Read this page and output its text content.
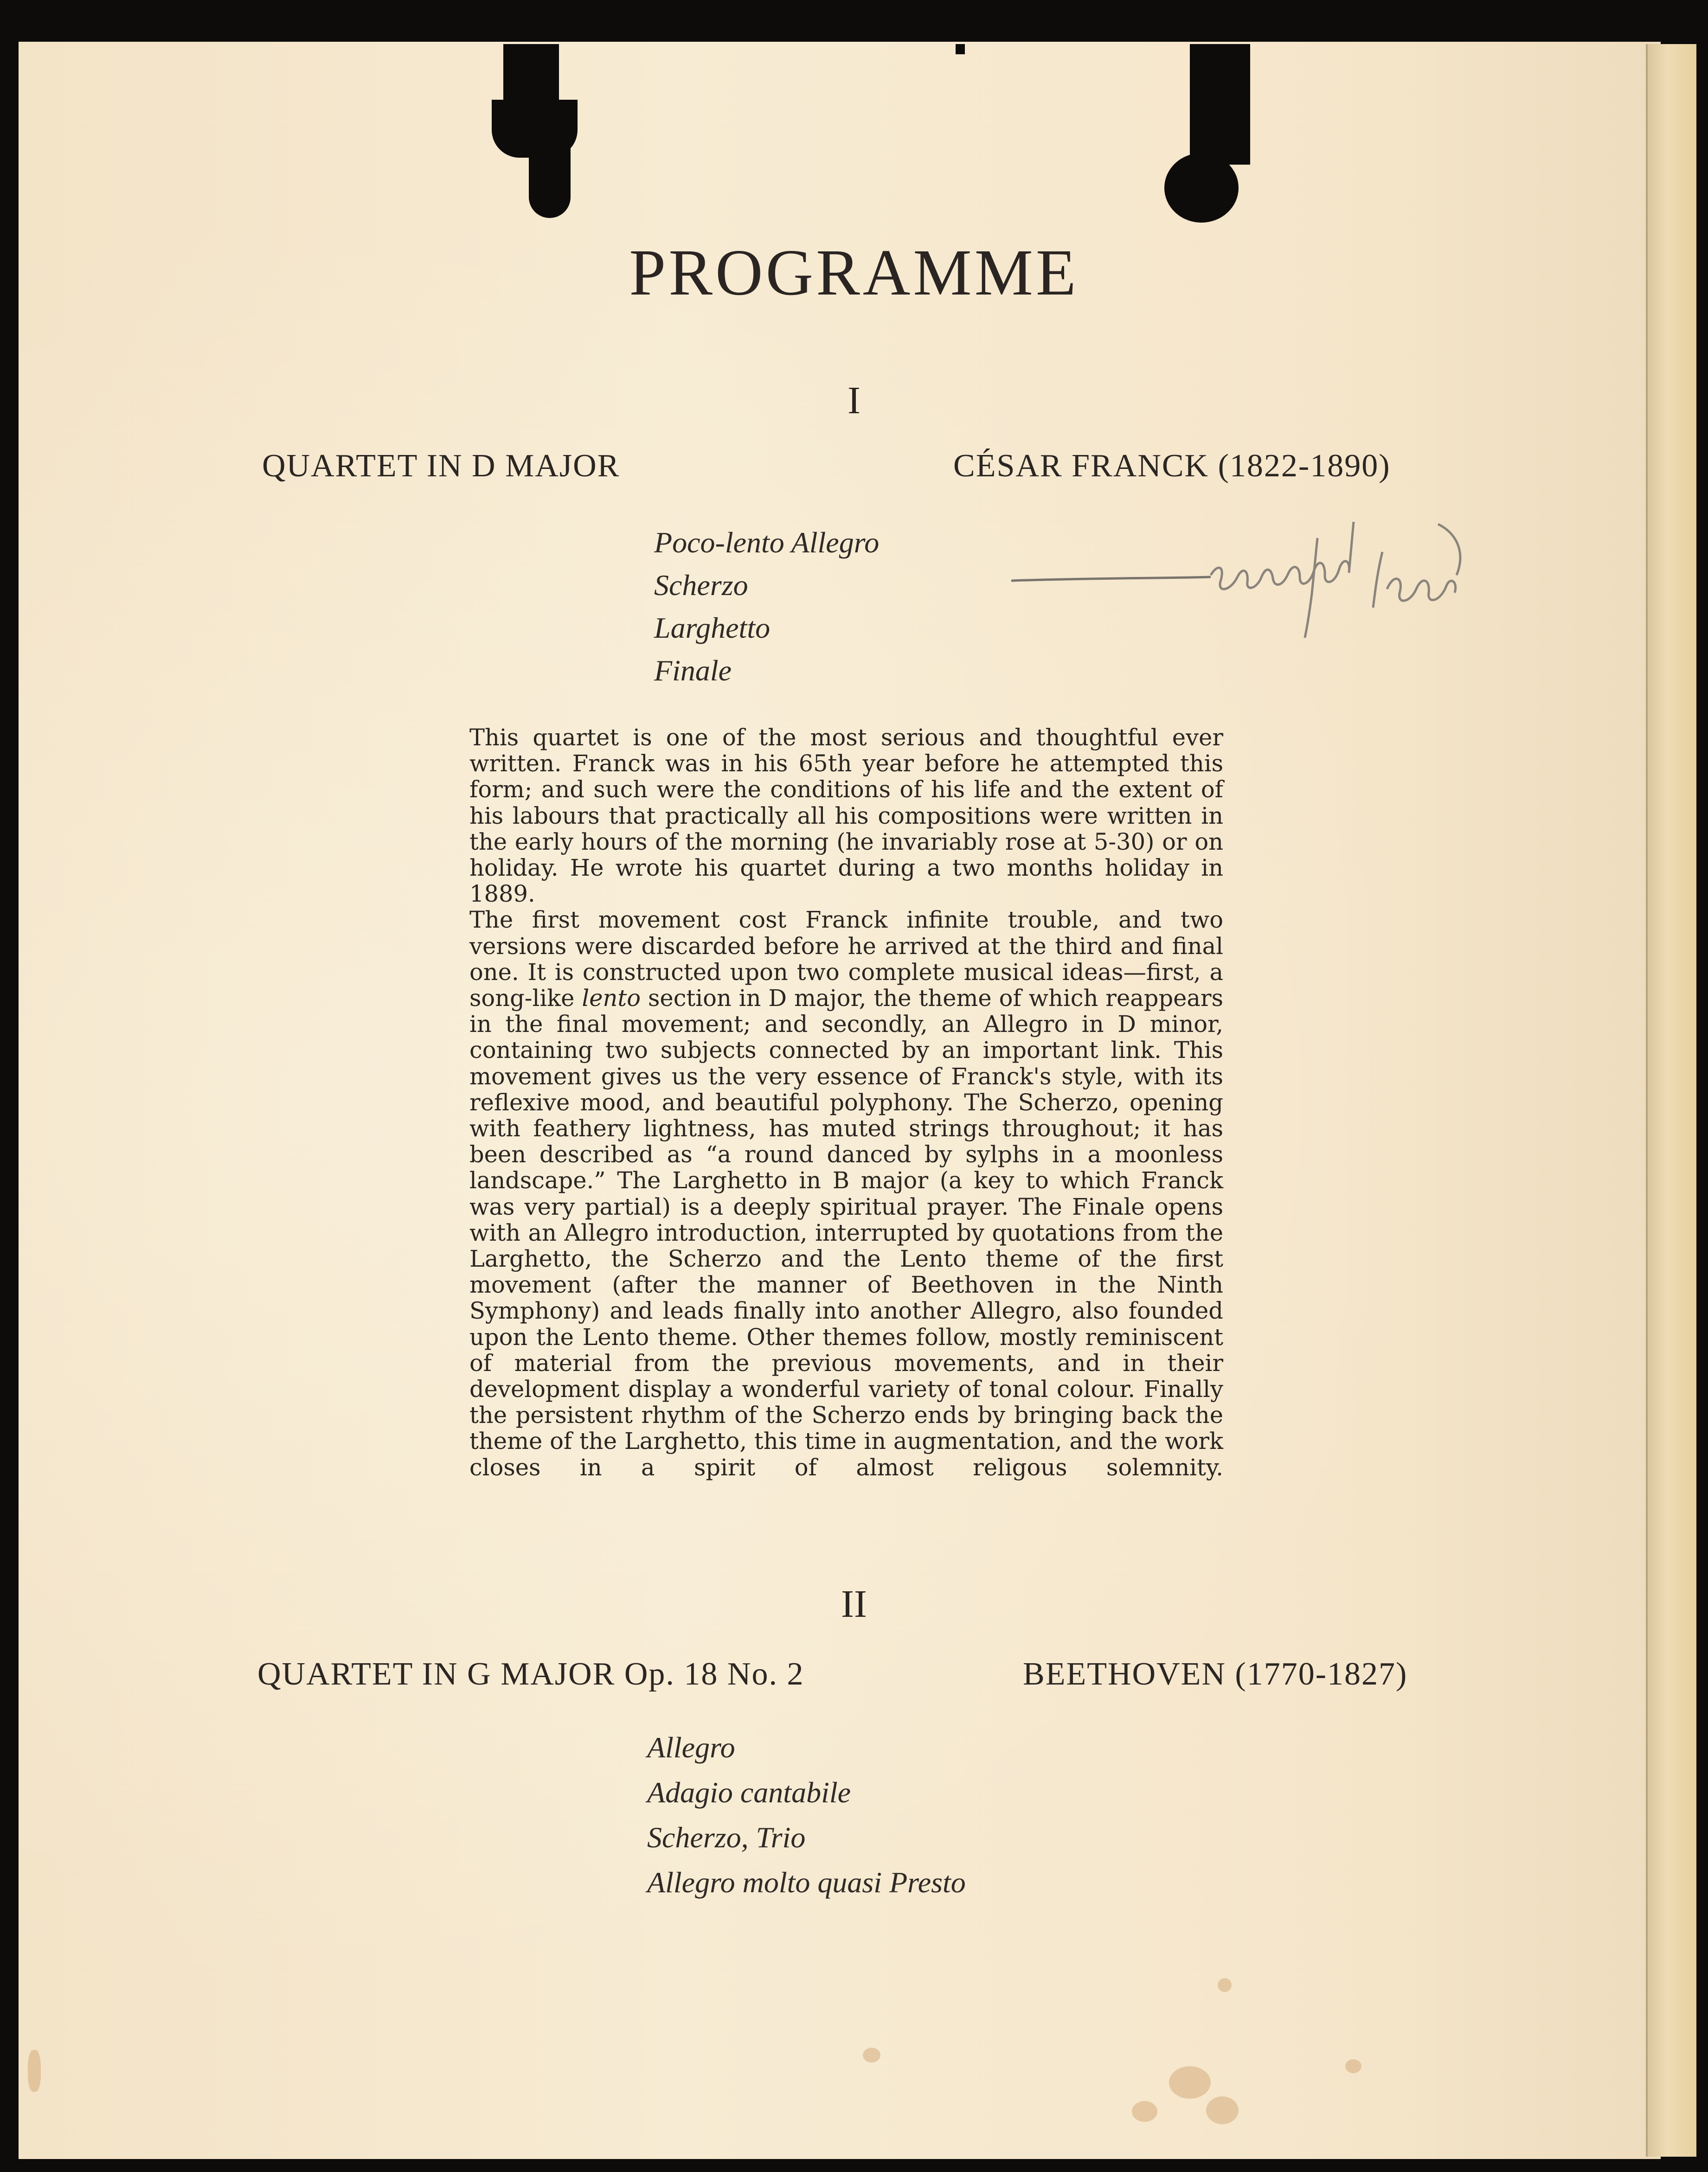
PROGRAMME
I
QUARTET IN D MAJOR	CÉSAR FRANCK (1822-1890)
Poco-lento Allegro
Scherzo
Larghetto
Finale

This quartet is one of the most serious and thoughtful ever written. Franck was in his 65th year before he attempted this form; and such were the conditions of his life and the extent of his labours that practically all his compositions were written in the early hours of the morning (he invariably rose at 5-30) or on holiday. He wrote his quartet during a two months holiday in 1889.

The first movement cost Franck infinite trouble, and two versions were discarded before he arrived at the third and final one. It is constructed upon two complete musical ideas—first, a song-like lento section in D major, the theme of which reappears in the final movement; and secondly, an Allegro in D minor, containing two subjects connected by an important link. This movement gives us the very essence of Franck's style, with its reflexive mood, and beautiful polyphony. The Scherzo, opening with feathery lightness, has muted strings throughout; it has been described as “a round danced by sylphs in a moonless landscape.” The Larghetto in B major (a key to which Franck was very partial) is a deeply spiritual prayer. The Finale opens with an Allegro introduction, interrupted by quotations from the Larghetto, the Scherzo and the Lento theme of the first movement (after the manner of Beethoven in the Ninth Symphony) and leads finally into another Allegro, also founded upon the Lento theme. Other themes follow, mostly reminiscent of material from the previous movements, and in their development display a wonderful variety of tonal colour. Finally the persistent rhythm of the Scherzo ends by bringing back the theme of the Larghetto, this time in augmentation, and the work closes in a spirit of almost religous solemnity.

II
QUARTET IN G MAJOR Op. 18 No. 2	BEETHOVEN (1770-1827)
Allegro
Adagio cantabile
Scherzo, Trio
Allegro molto quasi Presto
